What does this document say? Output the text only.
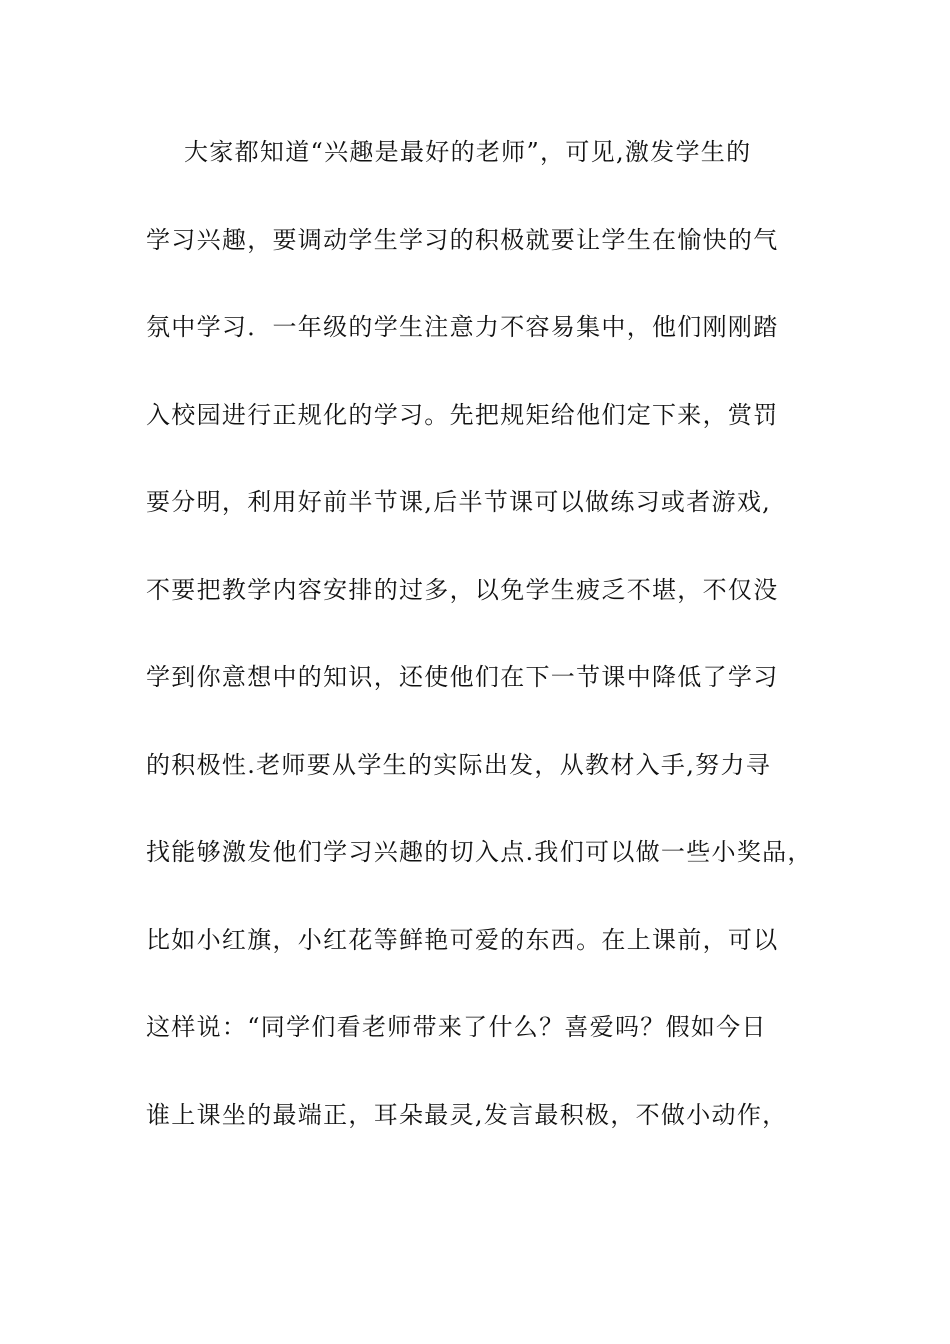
大家都知道“兴趣是最好的老师”，可见,激发学生的
学习兴趣，要调动学生学习的积极就要让学生在愉快的气
氛中学习．一年级的学生注意力不容易集中，他们刚刚踏
入校园进行正规化的学习。先把规矩给他们定下来，赏罚
要分明，利用好前半节课,后半节课可以做练习或者游戏,
不要把教学内容安排的过多，以免学生疲乏不堪，不仅没
学到你意想中的知识，还使他们在下一节课中降低了学习
的积极性.老师要从学生的实际出发，从教材入手,努力寻
找能够激发他们学习兴趣的切入点.我们可以做一些小奖品，
比如小红旗，小红花等鲜艳可爱的东西。在上课前，可以
这样说：“同学们看老师带来了什么？喜爱吗？假如今日
谁上课坐的最端正，耳朵最灵,发言最积极，不做小动作，
